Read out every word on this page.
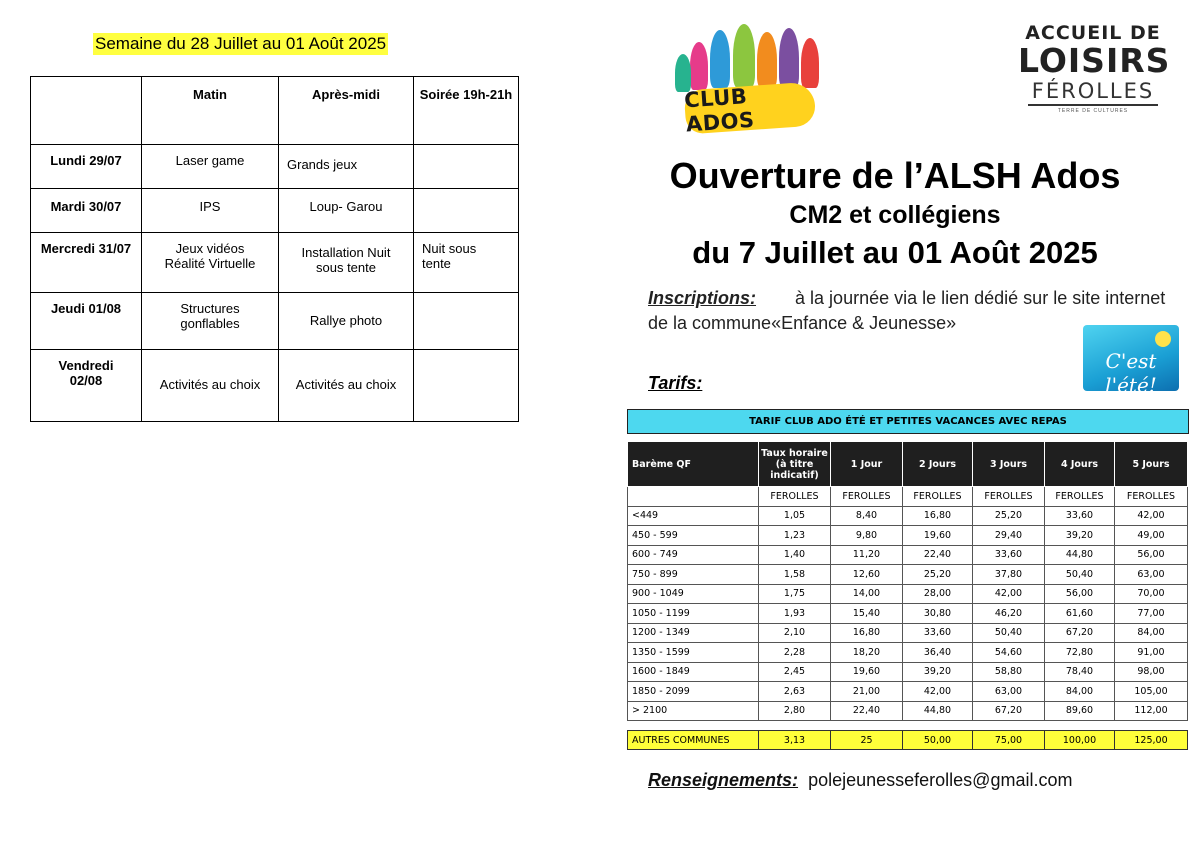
Semaine du 28 Juillet au 01 Août 2025
	Matin	Après-midi	Soirée 19h-21h
Lundi 29/07	Laser game	Grands jeux	
Mardi 30/07	IPS	Loup- Garou	
Mercredi 31/07	Jeux vidéos Réalité Virtuelle	Installation Nuit sous tente	Nuit sous tente
Jeudi 01/08	Structures gonflables	Rallye photo	
Vendredi 02/08	Activités au choix	Activités au choix	
CLUB ADOS
ACCUEIL DE
LOISIRS
FÉROLLES
TERRE DE CULTURES
Ouverture de l’ALSH Ados
CM2 et collégiens
du 7 Juillet au 01 Août 2025
Inscriptions: à la journée via le lien dédié sur le site internet de la commune«Enfance & Jeunesse»
C'est l'été!
Tarifs:
TARIF CLUB ADO ÉTÉ ET PETITES VACANCES AVEC REPAS
Barème QF	Taux horaire (à titre indicatif)	1 Jour	2 Jours	3 Jours	4 Jours	5 Jours
	FEROLLES	FEROLLES	FEROLLES	FEROLLES	FEROLLES	FEROLLES
<449	1,05	8,40	16,80	25,20	33,60	42,00
450 - 599	1,23	9,80	19,60	29,40	39,20	49,00
600 - 749	1,40	11,20	22,40	33,60	44,80	56,00
750 - 899	1,58	12,60	25,20	37,80	50,40	63,00
900 - 1049	1,75	14,00	28,00	42,00	56,00	70,00
1050 - 1199	1,93	15,40	30,80	46,20	61,60	77,00
1200 - 1349	2,10	16,80	33,60	50,40	67,20	84,00
1350 - 1599	2,28	18,20	36,40	54,60	72,80	91,00
1600 - 1849	2,45	19,60	39,20	58,80	78,40	98,00
1850 - 2099	2,63	21,00	42,00	63,00	84,00	105,00
> 2100	2,80	22,40	44,80	67,20	89,60	112,00

AUTRES COMMUNES	3,13	25	50,00	75,00	100,00	125,00
Renseignements: polejeunesseferolles@gmail.com
